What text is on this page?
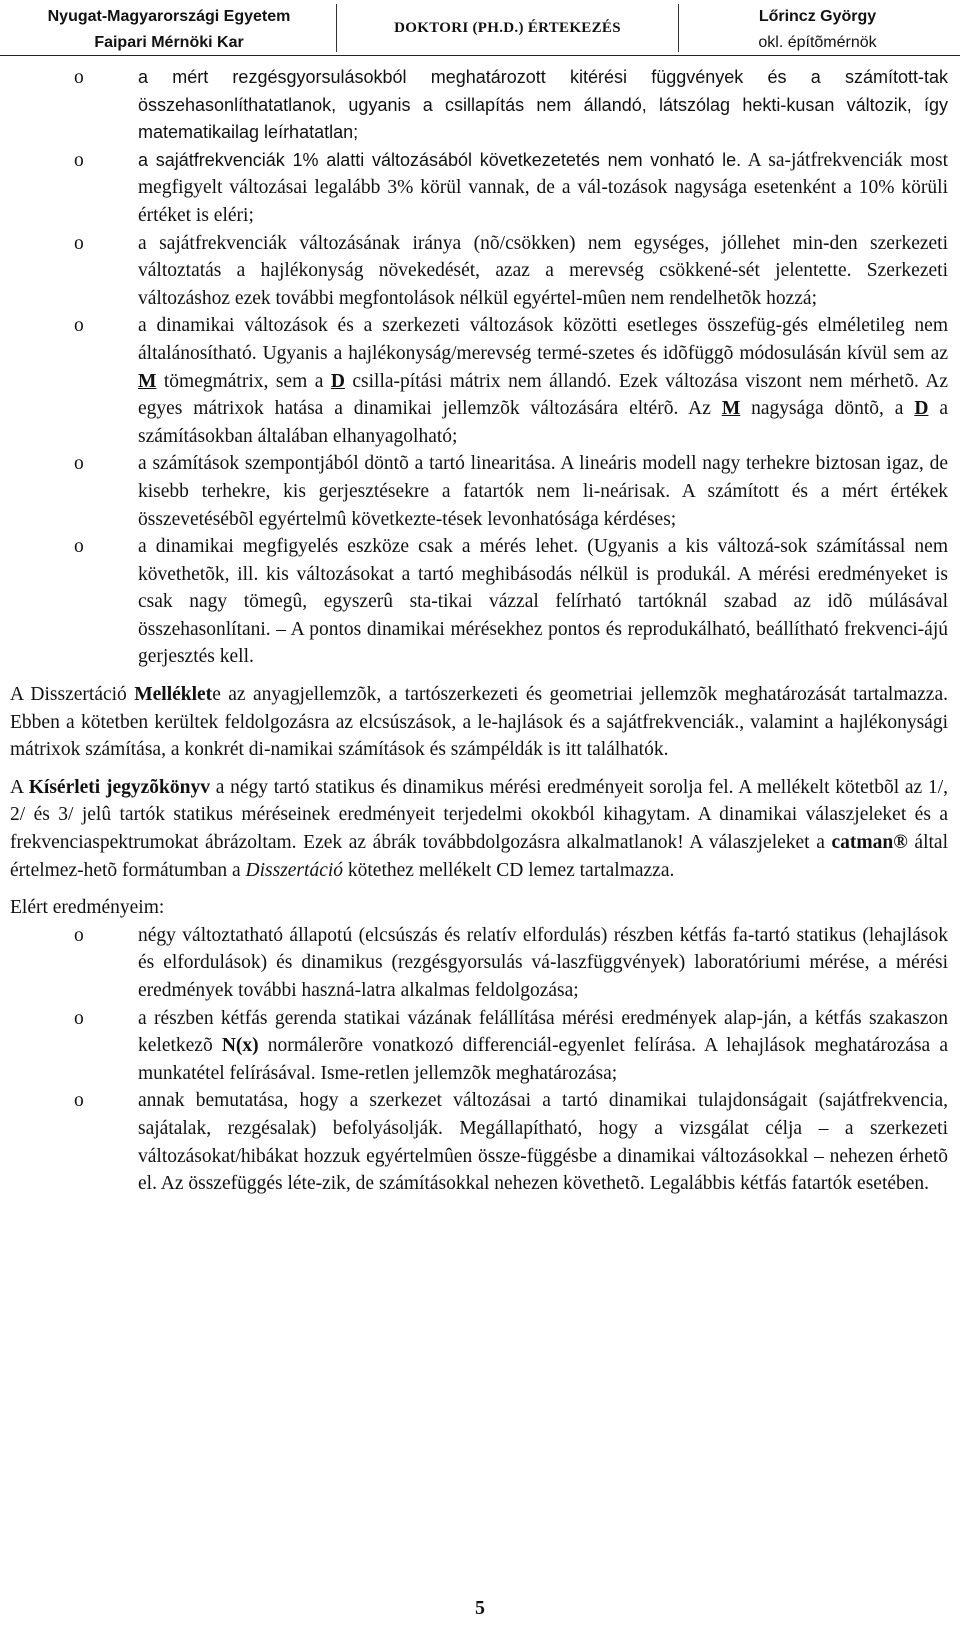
Nyugat-Magyarországi Egyetem
Faipari Mérnöki Kar
DOKTORI (PH.D.) ÉRTEKEZÉS
Lőrincz György
okl. építõmérnök
o	a mért rezgésgyorsulásokból meghatározott kitérési függvények és a számított-tak összehasonlíthatatlanok, ugyanis a csillapítás nem állandó, látszólag hekti-kusan változik, így matematikailag leírhatatlan;
o	a sajátfrekvenciák 1% alatti változásából következetetés nem vonható le. A sa-játfrekvenciák most megfigyelt változásai legalább 3% körül vannak, de a vál-tozások nagysága esetenként a 10% körüli értéket is eléri;
o	a sajátfrekvenciák változásának iránya (nõ/csökken) nem egységes, jóllehet min-den szerkezeti változtatás a hajlékonyság növekedését, azaz a merevség csökkené-sét jelentette. Szerkezeti változáshoz ezek további megfontolások nélkül egyértel-mûen nem rendelhetõk hozzá;
o	a dinamikai változások és a szerkezeti változások közötti esetleges összefüg-gés elméletileg nem általánosítható. Ugyanis a hajlékonyság/merevség termé-szetes és idõfüggõ módosulásán kívül sem az M tömegmátrix, sem a D csilla-pítási mátrix nem állandó. Ezek változása viszont nem mérhetõ. Az egyes mátrixok hatása a dinamikai jellemzõk változására eltérõ. Az M nagysága döntõ, a D a számításokban általában elhanyagolható;
o	a számítások szempontjából döntõ a tartó linearitása. A lineáris modell nagy terhekre biztosan igaz, de kisebb terhekre, kis gerjesztésekre a fatartók nem li-neárisak. A számított és a mért értékek összevetésébõl egyértelmû következte-tések levonhatósága kérdéses;
o	a dinamikai megfigyelés eszköze csak a mérés lehet. (Ugyanis a kis változá-sok számítással nem követhetõk, ill. kis változásokat a tartó meghibásodás nélkül is produkál. A mérési eredményeket is csak nagy tömegû, egyszerû sta-tikai vázzal felírható tartóknál szabad az idõ múlásával összehasonlítani. – A pontos dinamikai mérésekhez pontos és reprodukálható, beállítható frekvenci-ájú gerjesztés kell.

A Disszertáció Melléklete az anyagjellemzõk, a tartószerkezeti és geometriai jellemzõk meghatározását tartalmazza. Ebben a kötetben kerültek feldolgozásra az elcsúszások, a le-hajlások és a sajátfrekvenciák., valamint a hajlékonysági mátrixok számítása, a konkrét di-namikai számítások és számpéldák is itt találhatók.

A Kísérleti jegyzõkönyv a négy tartó statikus és dinamikus mérési eredményeit sorolja fel. A mellékelt kötetbõl az 1/, 2/ és 3/ jelû tartók statikus méréseinek eredményeit terjedelmi okokból kihagytam. A dinamikai válaszjeleket és a frekvenciaspektrumokat ábrázoltam. Ezek az ábrák továbbdolgozásra alkalmatlanok! A válaszjeleket a catman® által értelmez-hetõ formátumban a Disszertáció kötethez mellékelt CD lemez tartalmazza.

Elért eredményeim:

o	négy változtatható állapotú (elcsúszás és relatív elfordulás) részben kétfás fa-tartó statikus (lehajlások és elfordulások) és dinamikus (rezgésgyorsulás vá-laszfüggvények) laboratóriumi mérése, a mérési eredmények további haszná-latra alkalmas feldolgozása;
o	a részben kétfás gerenda statikai vázának felállítása mérési eredmények alap-ján, a kétfás szakaszon keletkezõ N(x) normálerõre vonatkozó differenciál-egyenlet felírása. A lehajlások meghatározása a munkatétel felírásával. Isme-retlen jellemzõk meghatározása;
o	annak bemutatása, hogy a szerkezet változásai a tartó dinamikai tulajdonságait (sajátfrekvencia, sajátalak, rezgésalak) befolyásolják. Megállapítható, hogy a vizsgálat célja – a szerkezeti változásokat/hibákat hozzuk egyértelmûen össze-függésbe a dinamikai változásokkal – nehezen érhetõ el. Az összefüggés léte-zik, de számításokkal nehezen követhetõ. Legalábbis kétfás fatartók esetében.
5
